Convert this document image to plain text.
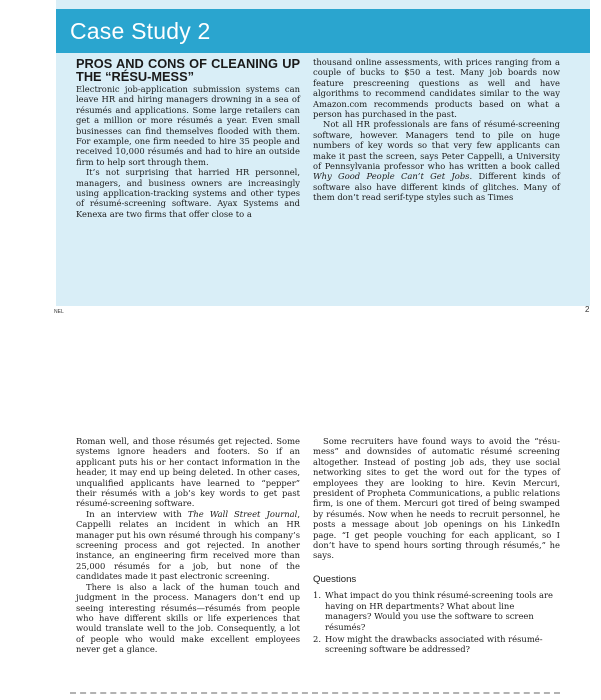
Case Study 2
PROS AND CONS OF CLEANING UP THE “RÉSU-MESS”

Electronic job-application submission systems can leave HR and hiring managers drowning in a sea of résumés and applications. Some large retailers can get a million or more résumés a year. Even small businesses can find themselves flooded with them. For example, one firm needed to hire 35 people and received 10,000 résumés and had to hire an outside firm to help sort through them.

It’s not surprising that harried HR personnel, managers, and business owners are increasingly using application-tracking systems and other types of résumé-screening software. Ayax Systems and Kenexa are two firms that offer close to a

thousand online assessments, with prices ranging from a couple of bucks to $50 a test. Many job boards now feature prescreening questions as well and have algorithms to recommend candidates similar to the way Amazon.com recommends products based on what a person has purchased in the past.

Not all HR professionals are fans of résumé-screening software, however. Managers tend to pile on huge numbers of key words so that very few applicants can make it past the screen, says Peter Cappelli, a University of Pennsylvania professor who has written a book called Why Good People Can’t Get Jobs. Different kinds of software also have different kinds of glitches. Many of them don’t read serif-type styles such as Times

NEL	2

Roman well, and those résumés get rejected. Some systems ignore headers and footers. So if an applicant puts his or her contact information in the header, it may end up being deleted. In other cases, unqualified applicants have learned to “pepper” their résumés with a job’s key words to get past résumé-screening software.

In an interview with The Wall Street Journal, Cappelli relates an incident in which an HR manager put his own résumé through his company’s screening process and got rejected. In another instance, an engineering firm received more than 25,000 résumés for a job, but none of the candidates made it past electronic screening.

There is also a lack of the human touch and judgment in the process. Managers don’t end up seeing interesting résumés—résumés from people who have different skills or life experiences that would translate well to the job. Consequently, a lot of people who would make excellent employees never get a glance.

Some recruiters have found ways to avoid the “résu-mess” and downsides of automatic résumé screening altogether. Instead of posting job ads, they use social networking sites to get the word out for the types of employees they are looking to hire. Kevin Mercuri, president of Propheta Communications, a public relations firm, is one of them. Mercuri got tired of being swamped by résumés. Now when he needs to recruit personnel, he posts a message about job openings on his LinkedIn page. “I get people vouching for each applicant, so I don’t have to spend hours sorting through résumés,” he says.

Questions
1. What impact do you think résumé-screening tools are having on HR departments? What about line managers? Would you use the software to screen résumés?
2. How might the drawbacks associated with résumé-screening software be addressed?
